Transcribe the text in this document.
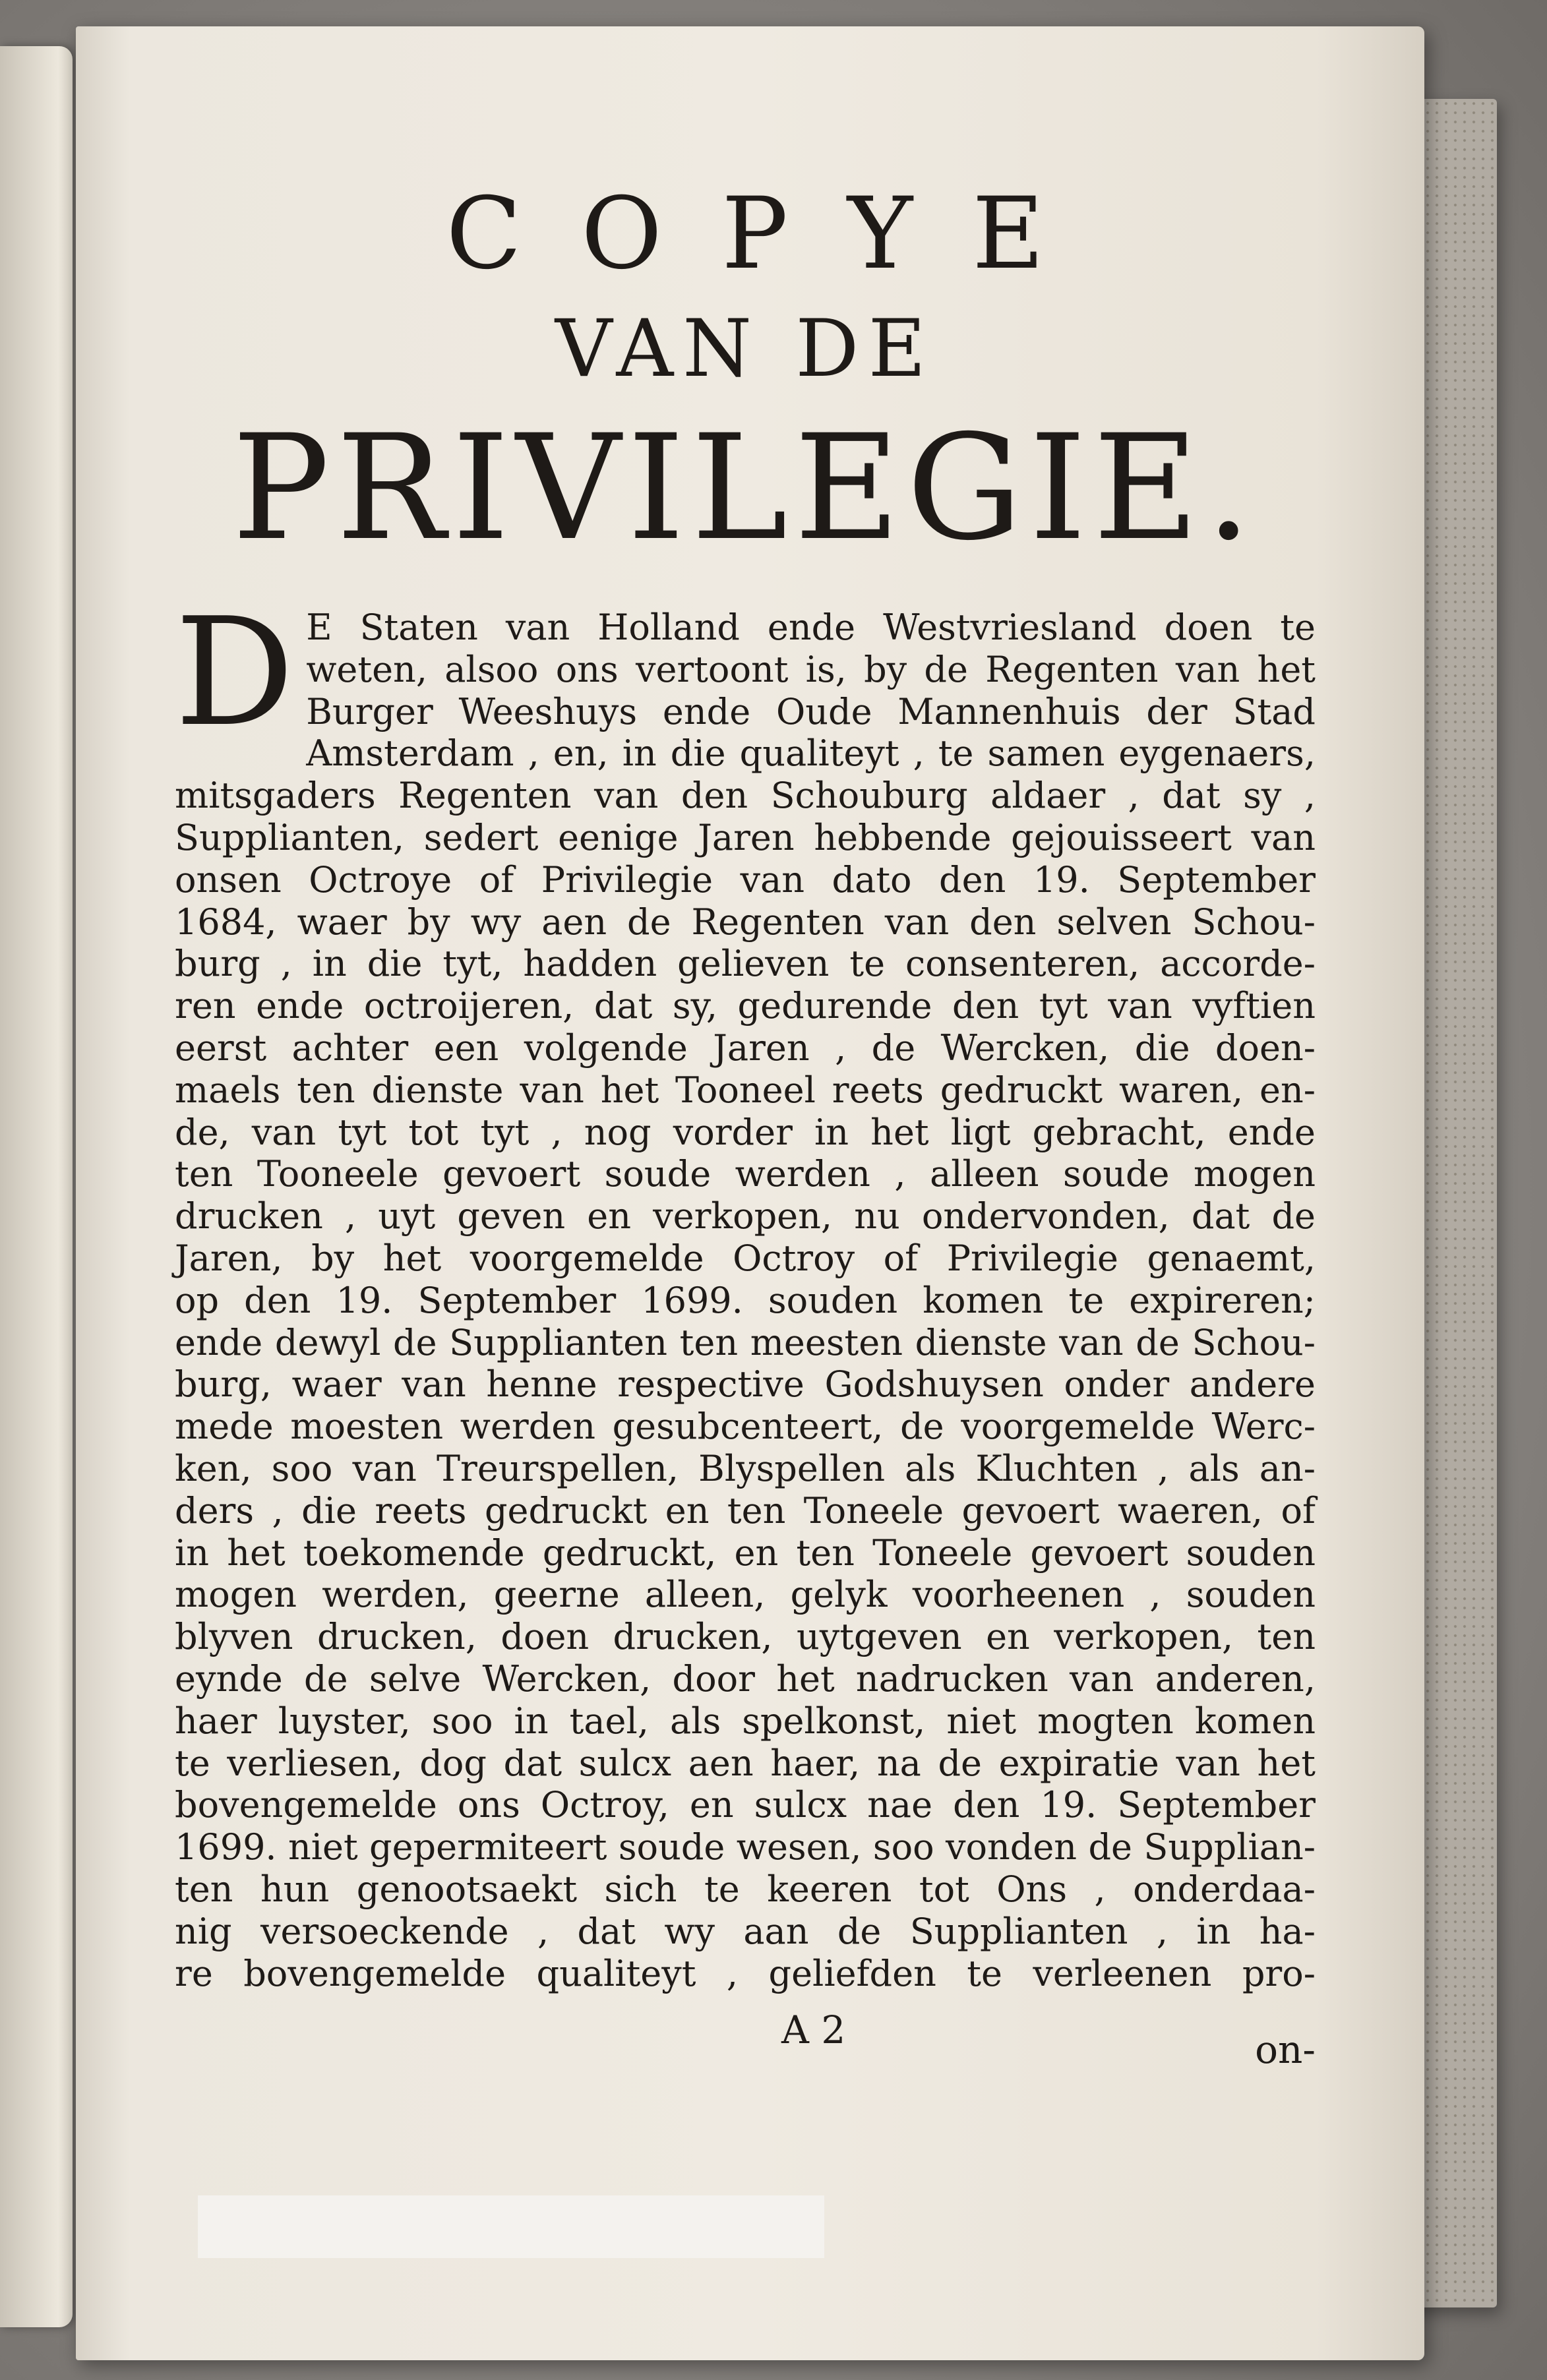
COPYE
VAN DE
PRIVILEGIE.
D E Staten van Holland ende Westvriesland doen te
weten, alsoo ons vertoont is, by de Regenten van het
Burger Weeshuys ende Oude Mannenhuis der Stad
Amsterdam , en, in die qualiteyt , te samen eygenaers,
mitsgaders Regenten van den Schouburg aldaer , dat sy ,
Supplianten, sedert eenige Jaren hebbende gejouisseert van
onsen Octroye of Privilegie van dato den 19. September
1684, waer by wy aen de Regenten van den selven Schou-
burg , in die tyt, hadden gelieven te consenteren, accorde-
ren ende octroijeren, dat sy, gedurende den tyt van vyftien
eerst achter een volgende Jaren , de Wercken, die doen-
maels ten dienste van het Tooneel reets gedruckt waren, en-
de, van tyt tot tyt , nog vorder in het ligt gebracht, ende
ten Tooneele gevoert soude werden , alleen soude mogen
drucken , uyt geven en verkopen, nu ondervonden, dat de
Jaren, by het voorgemelde Octroy of Privilegie genaemt,
op den 19. September 1699. souden komen te expireren;
ende dewyl de Supplianten ten meesten dienste van de Schou-
burg, waer van henne respective Godshuysen onder andere
mede moesten werden gesubcenteert, de voorgemelde Werc-
ken, soo van Treurspellen, Blyspellen als Kluchten , als an-
ders , die reets gedruckt en ten Toneele gevoert waeren, of
in het toekomende gedruckt, en ten Toneele gevoert souden
mogen werden, geerne alleen, gelyk voorheenen , souden
blyven drucken, doen drucken, uytgeven en verkopen, ten
eynde de selve Wercken, door het nadrucken van anderen,
haer luyster, soo in tael, als spelkonst, niet mogten komen
te verliesen, dog dat sulcx aen haer, na de expiratie van het
bovengemelde ons Octroy, en sulcx nae den 19. September
1699. niet gepermiteert soude wesen, soo vonden de Supplian-
ten hun genootsaekt sich te keeren tot Ons , onderdaa-
nig versoeckende , dat wy aan de Supplianten , in ha-
re bovengemelde qualiteyt , geliefden te verleenen pro-
A 2	on-
